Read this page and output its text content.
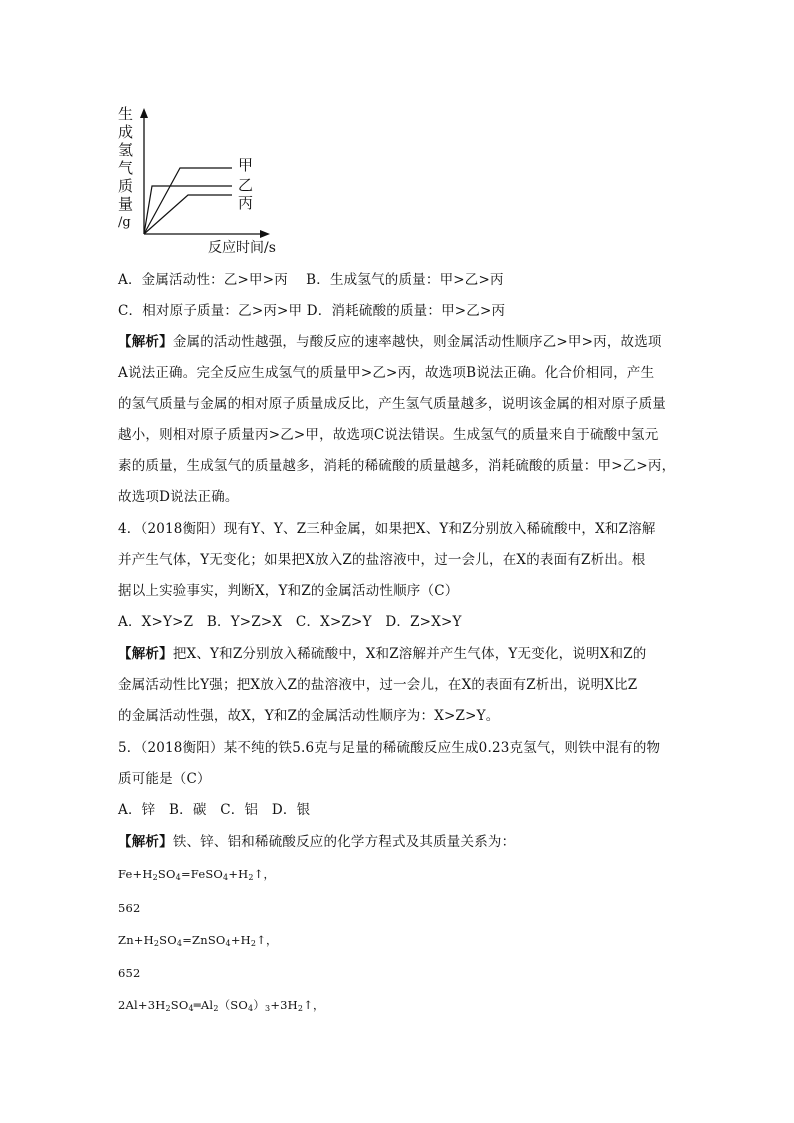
生
成
氢
气
质
量
/g
甲
乙
丙
反应时间/s
A．金属活动性：乙>甲>丙　 B．生成氢气的质量：甲>乙>丙
C．相对原子质量：乙>丙>甲 D．消耗硫酸的质量：甲>乙>丙
【解析】金属的活动性越强，与酸反应的速率越快，则金属活动性顺序乙>甲>丙，故选项
A说法正确。完全反应生成氢气的质量甲>乙>丙，故选项B说法正确。化合价相同，产生
的氢气质量与金属的相对原子质量成反比，产生氢气质量越多，说明该金属的相对原子质量
越小，则相对原子质量丙>乙>甲，故选项C说法错误。生成氢气的质量来自于硫酸中氢元
素的质量，生成氢气的质量越多，消耗的稀硫酸的质量越多，消耗硫酸的质量：甲>乙>丙，
故选项D说法正确。
4．（2018衡阳）现有Y、Y、Z三种金属，如果把X、Y和Z分别放入稀硫酸中，X和Z溶解
并产生气体，Y无变化；如果把X放入Z的盐溶液中，过一会儿，在X的表面有Z析出。根
据以上实验事实，判断X，Y和Z的金属活动性顺序（C）
A．X>Y>Z　B．Y>Z>X　C．X>Z>Y　D．Z>X>Y
【解析】把X、Y和Z分别放入稀硫酸中，X和Z溶解并产生气体，Y无变化，说明X和Z的
金属活动性比Y强；把X放入Z的盐溶液中，过一会儿，在X的表面有Z析出，说明X比Z
的金属活动性强，故X，Y和Z的金属活动性顺序为：X>Z>Y。
5．（2018衡阳）某不纯的铁5.6克与足量的稀硫酸反应生成0.23克氢气，则铁中混有的物
质可能是（C）
A．锌　B．碳　C．铝　D．银
【解析】铁、锌、铝和稀硫酸反应的化学方程式及其质量关系为：
$Fe+H_2SO_4=FeSO_4+H_2↑$，
562
$Zn+H_2SO_4=ZnSO_4+H_2↑$，
652
$2Al+3H_2SO_4═Al_2(SO_4)_3+3H_2↑$，
